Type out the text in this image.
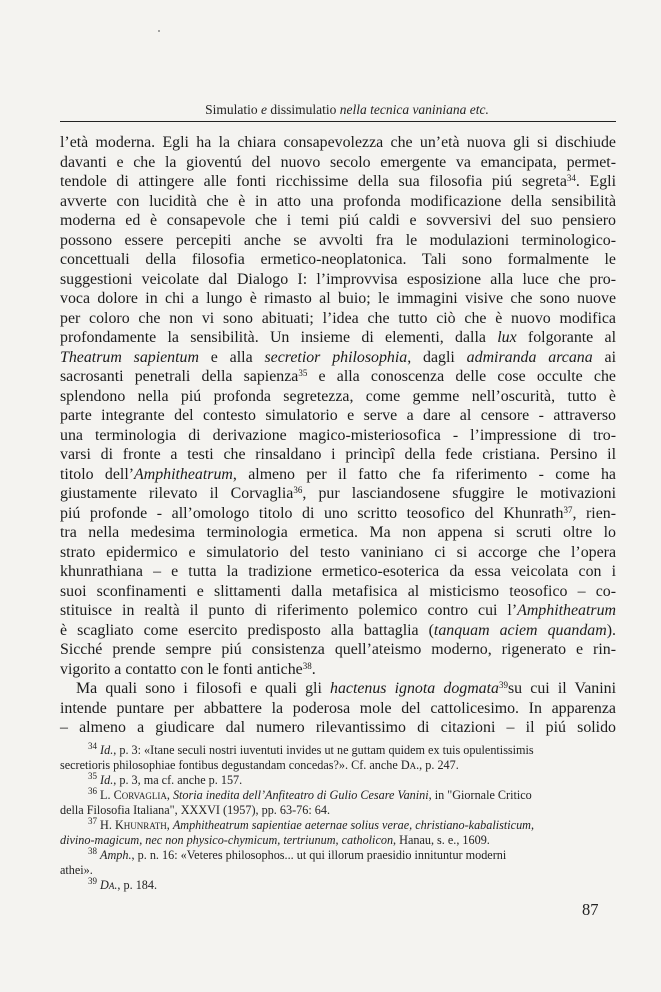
Simulatio e dissimulatio nella tecnica vaniniana etc.
l’età moderna. Egli ha la chiara consapevolezza che un’età nuova gli si dischiude
davanti e che la gioventú del nuovo secolo emergente va emancipata, permet-
tendole di attingere alle fonti ricchissime della sua filosofia piú segreta$^{34}$. Egli
avverte con lucidità che è in atto una profonda modificazione della sensibilità
moderna ed è consapevole che i temi piú caldi e sovversivi del suo pensiero
possono essere percepiti anche se avvolti fra le modulazioni terminologico-
concettuali della filosofia ermetico-neoplatonica. Tali sono formalmente le
suggestioni veicolate dal Dialogo I: l’improvvisa esposizione alla luce che pro-
voca dolore in chi a lungo è rimasto al buio; le immagini visive che sono nuove
per coloro che non vi sono abituati; l’idea che tutto ciò che è nuovo modifica
profondamente la sensibilità. Un insieme di elementi, dalla lux folgorante al
Theatrum sapientum e alla secretior philosophia, dagli admiranda arcana ai
sacrosanti penetrali della sapienza$^{35}$ e alla conoscenza delle cose occulte che
splendono nella piú profonda segretezza, come gemme nell’oscurità, tutto è
parte integrante del contesto simulatorio e serve a dare al censore - attraverso
una terminologia di derivazione magico-misteriosofica - l’impressione di tro-
varsi di fronte a testi che rinsaldano i princìpî della fede cristiana. Persino il
titolo dell’Amphitheatrum, almeno per il fatto che fa riferimento - come ha
giustamente rilevato il Corvaglia$^{36}$, pur lasciandosene sfuggire le motivazioni
piú profonde - all’omologo titolo di uno scritto teosofico del Khunrath$^{37}$, rien-
tra nella medesima terminologia ermetica. Ma non appena si scruti oltre lo
strato epidermico e simulatorio del testo vaniniano ci si accorge che l’opera
khunrathiana – e tutta la tradizione ermetico-esoterica da essa veicolata con i
suoi sconfinamenti e slittamenti dalla metafisica al misticismo teosofico – co-
stituisce in realtà il punto di riferimento polemico contro cui l’Amphitheatrum
è scagliato come esercito predisposto alla battaglia (tanquam aciem quandam).
Sicché prende sempre piú consistenza quell’ateismo moderno, rigenerato e rin-
vigorito a contatto con le fonti antiche$^{38}$.
Ma quali sono i filosofi e quali gli hactenus ignota dogmata$^{39}$su cui il Vanini
intende puntare per abbattere la poderosa mole del cattolicesimo. In apparenza
– almeno a giudicare dal numero rilevantissimo di citazioni – il piú solido
$^{34}$ Id., p. 3: «Itane seculi nostri iuventuti invides ut ne guttam quidem ex tuis opulentissimis
secretioris philosophiae fontibus degustandam concedas?». Cf. anche Da., p. 247.
$^{35}$ Id., p. 3, ma cf. anche p. 157.
$^{36}$ L. Corvaglia, Storia inedita dell’Anfiteatro di Gulio Cesare Vanini, in "Giornale Critico
della Filosofia Italiana", XXXVI (1957), pp. 63-76: 64.
$^{37}$ H. Khunrath, Amphitheatrum sapientiae aeternae solius verae, christiano-kabalisticum,
divino-magicum, nec non physico-chymicum, tertriunum, catholicon, Hanau, s. e., 1609.
$^{38}$ Amph., p. n. 16: «Veteres philosophos... ut qui illorum praesidio innituntur moderni
athei».
$^{39}$ Da., p. 184.
87
